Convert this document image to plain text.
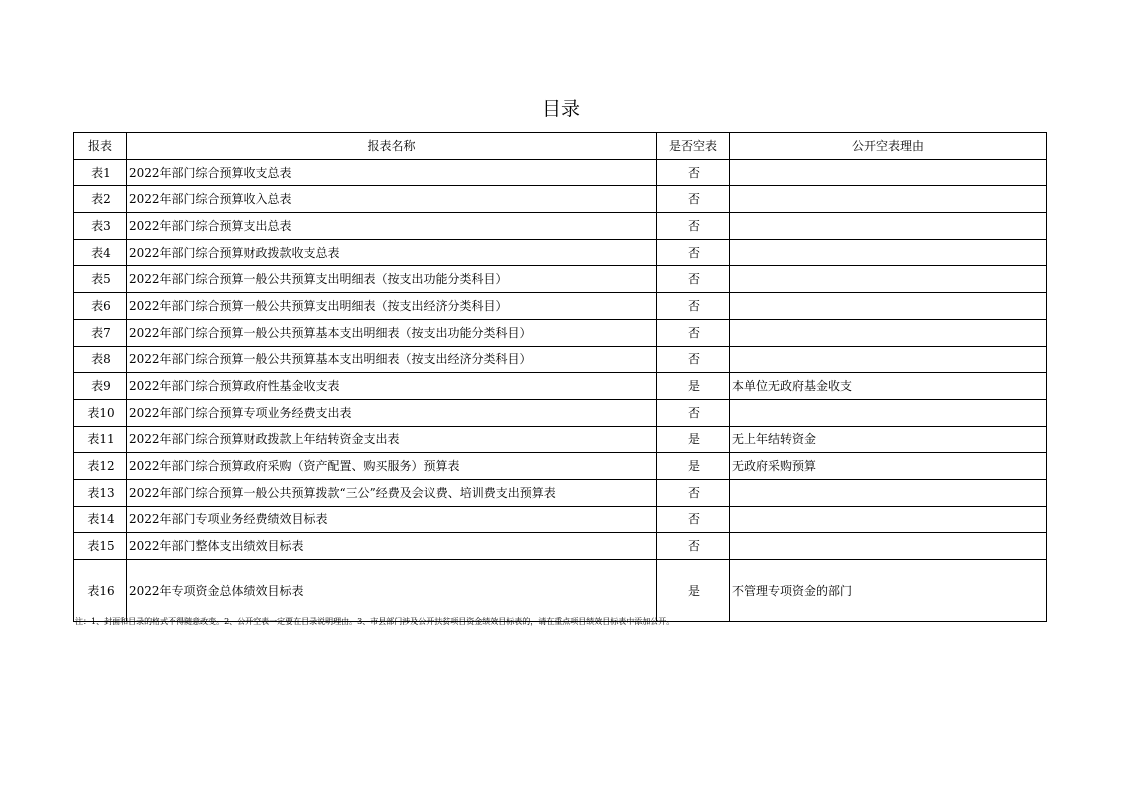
目录
报表	报表名称	是否空表	公开空表理由
表1	2022年部门综合预算收支总表	否	
表2	2022年部门综合预算收入总表	否	
表3	2022年部门综合预算支出总表	否	
表4	2022年部门综合预算财政拨款收支总表	否	
表5	2022年部门综合预算一般公共预算支出明细表（按支出功能分类科目）	否	
表6	2022年部门综合预算一般公共预算支出明细表（按支出经济分类科目）	否	
表7	2022年部门综合预算一般公共预算基本支出明细表（按支出功能分类科目）	否	
表8	2022年部门综合预算一般公共预算基本支出明细表（按支出经济分类科目）	否	
表9	2022年部门综合预算政府性基金收支表	是	本单位无政府基金收支
表10	2022年部门综合预算专项业务经费支出表	否	
表11	2022年部门综合预算财政拨款上年结转资金支出表	是	无上年结转资金
表12	2022年部门综合预算政府采购（资产配置、购买服务）预算表	是	无政府采购预算
表13	2022年部门综合预算一般公共预算拨款“三公”经费及会议费、培训费支出预算表	否	
表14	2022年部门专项业务经费绩效目标表	否	
表15	2022年部门整体支出绩效目标表	否	
表16	2022年专项资金总体绩效目标表	是	不管理专项资金的部门
注：1、封面和目录的格式不得随意改变。2、公开空表一定要在目录说明理由。3、市县部门涉及公开扶贫项目资金绩效目标表的，请在重点项目绩效目标表中添加公开。
